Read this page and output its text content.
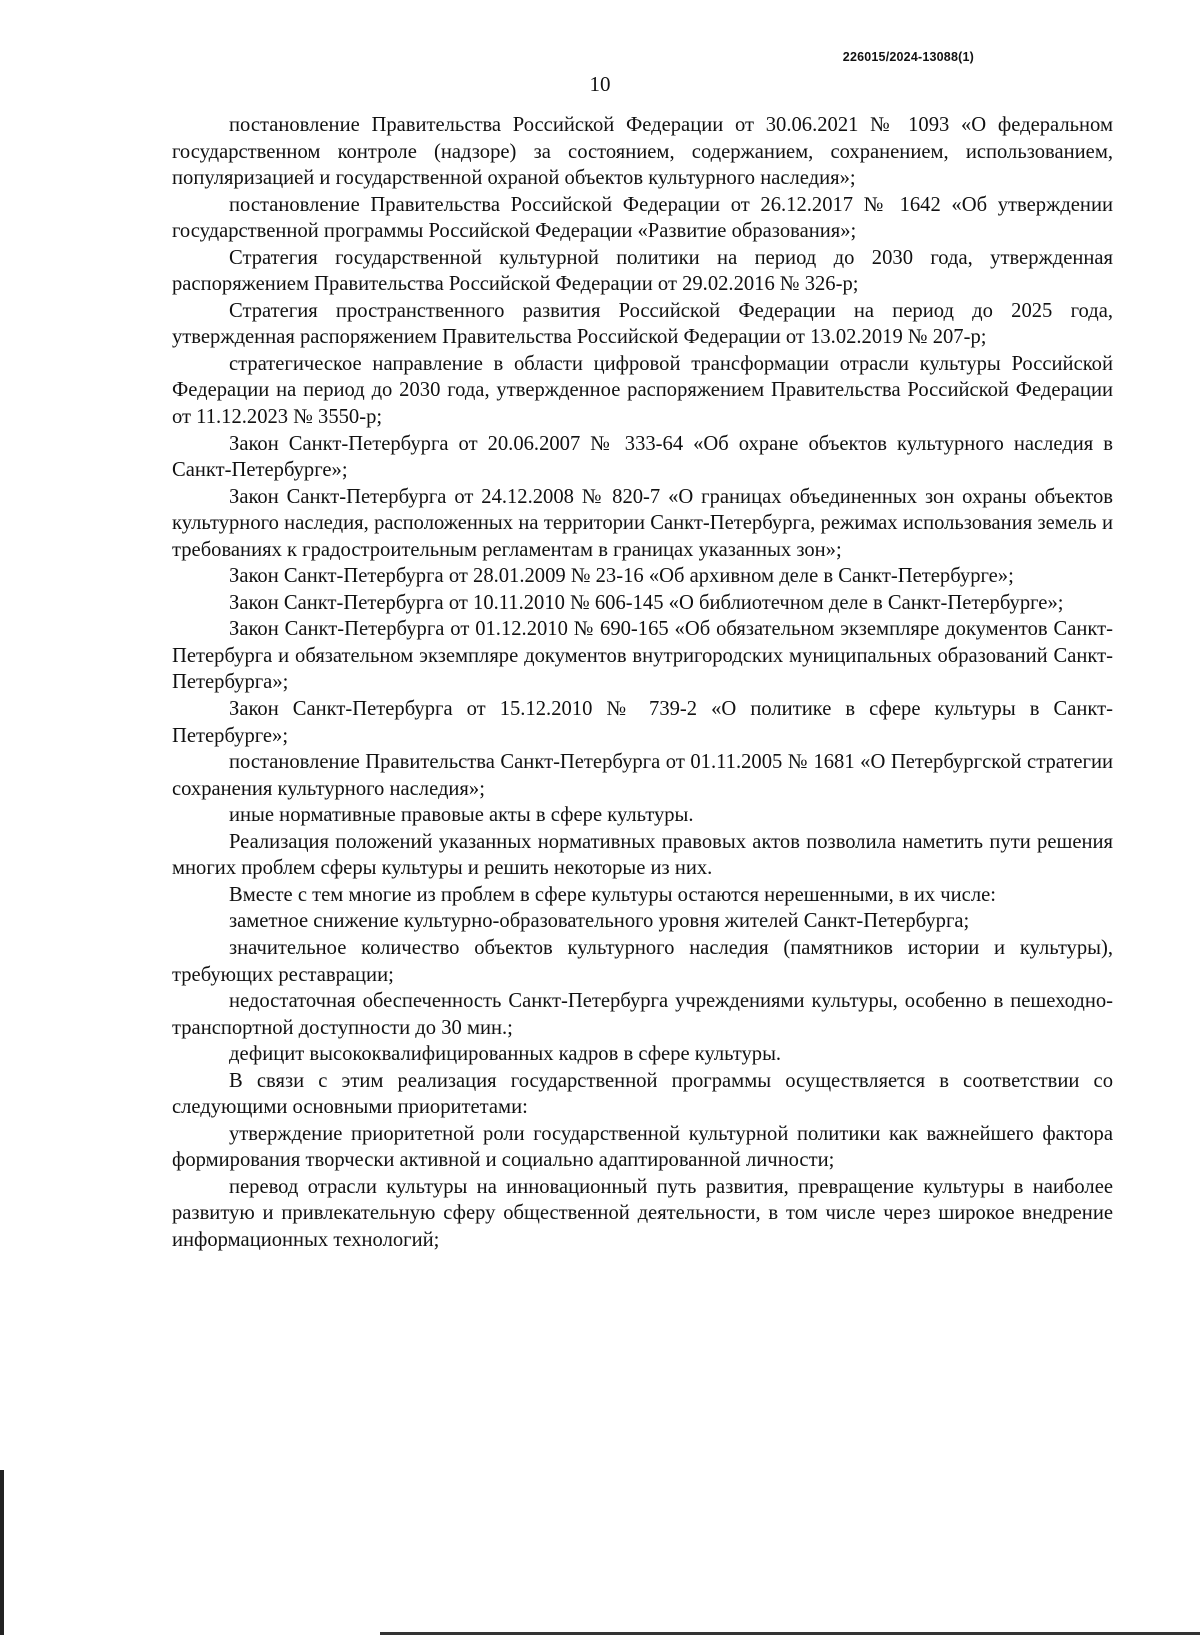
226015/2024-13088(1)
10

постановление Правительства Российской Федерации от 30.06.2021 № 1093 «О федеральном государственном контроле (надзоре) за состоянием, содержанием, сохранением, использованием, популяризацией и государственной охраной объектов культурного наследия»;

постановление Правительства Российской Федерации от 26.12.2017 № 1642 «Об утверждении государственной программы Российской Федерации «Развитие образования»;

Стратегия государственной культурной политики на период до 2030 года, утвержденная распоряжением Правительства Российской Федерации от 29.02.2016 № 326-р;

Стратегия пространственного развития Российской Федерации на период до 2025 года, утвержденная распоряжением Правительства Российской Федерации от 13.02.2019 № 207-р;

стратегическое направление в области цифровой трансформации отрасли культуры Российской Федерации на период до 2030 года, утвержденное распоряжением Правительства Российской Федерации от 11.12.2023 № 3550-р;

Закон Санкт-Петербурга от 20.06.2007 № 333-64 «Об охране объектов культурного наследия в Санкт-Петербурге»;

Закон Санкт-Петербурга от 24.12.2008 № 820-7 «О границах объединенных зон охраны объектов культурного наследия, расположенных на территории Санкт-Петербурга, режимах использования земель и требованиях к градостроительным регламентам в границах указанных зон»;

Закон Санкт-Петербурга от 28.01.2009 № 23-16 «Об архивном деле в Санкт-Петербурге»;

Закон Санкт-Петербурга от 10.11.2010 № 606-145 «О библиотечном деле в Санкт-Петербурге»;

Закон Санкт-Петербурга от 01.12.2010 № 690-165 «Об обязательном экземпляре документов Санкт-Петербурга и обязательном экземпляре документов внутригородских муниципальных образований Санкт-Петербурга»;

Закон Санкт-Петербурга от 15.12.2010 № 739-2 «О политике в сфере культуры в Санкт-Петербурге»;

постановление Правительства Санкт-Петербурга от 01.11.2005 № 1681 «О Петербургской стратегии сохранения культурного наследия»;

иные нормативные правовые акты в сфере культуры.

Реализация положений указанных нормативных правовых актов позволила наметить пути решения многих проблем сферы культуры и решить некоторые из них.

Вместе с тем многие из проблем в сфере культуры остаются нерешенными, в их числе:

заметное снижение культурно-образовательного уровня жителей Санкт-Петербурга;

значительное количество объектов культурного наследия (памятников истории и культуры), требующих реставрации;

недостаточная обеспеченность Санкт-Петербурга учреждениями культуры, особенно в пешеходно-транспортной доступности до 30 мин.;

дефицит высококвалифицированных кадров в сфере культуры.

В связи с этим реализация государственной программы осуществляется в соответствии со следующими основными приоритетами:

утверждение приоритетной роли государственной культурной политики как важнейшего фактора формирования творчески активной и социально адаптированной личности;

перевод отрасли культуры на инновационный путь развития, превращение культуры в наиболее развитую и привлекательную сферу общественной деятельности, в том числе через широкое внедрение информационных технологий;
